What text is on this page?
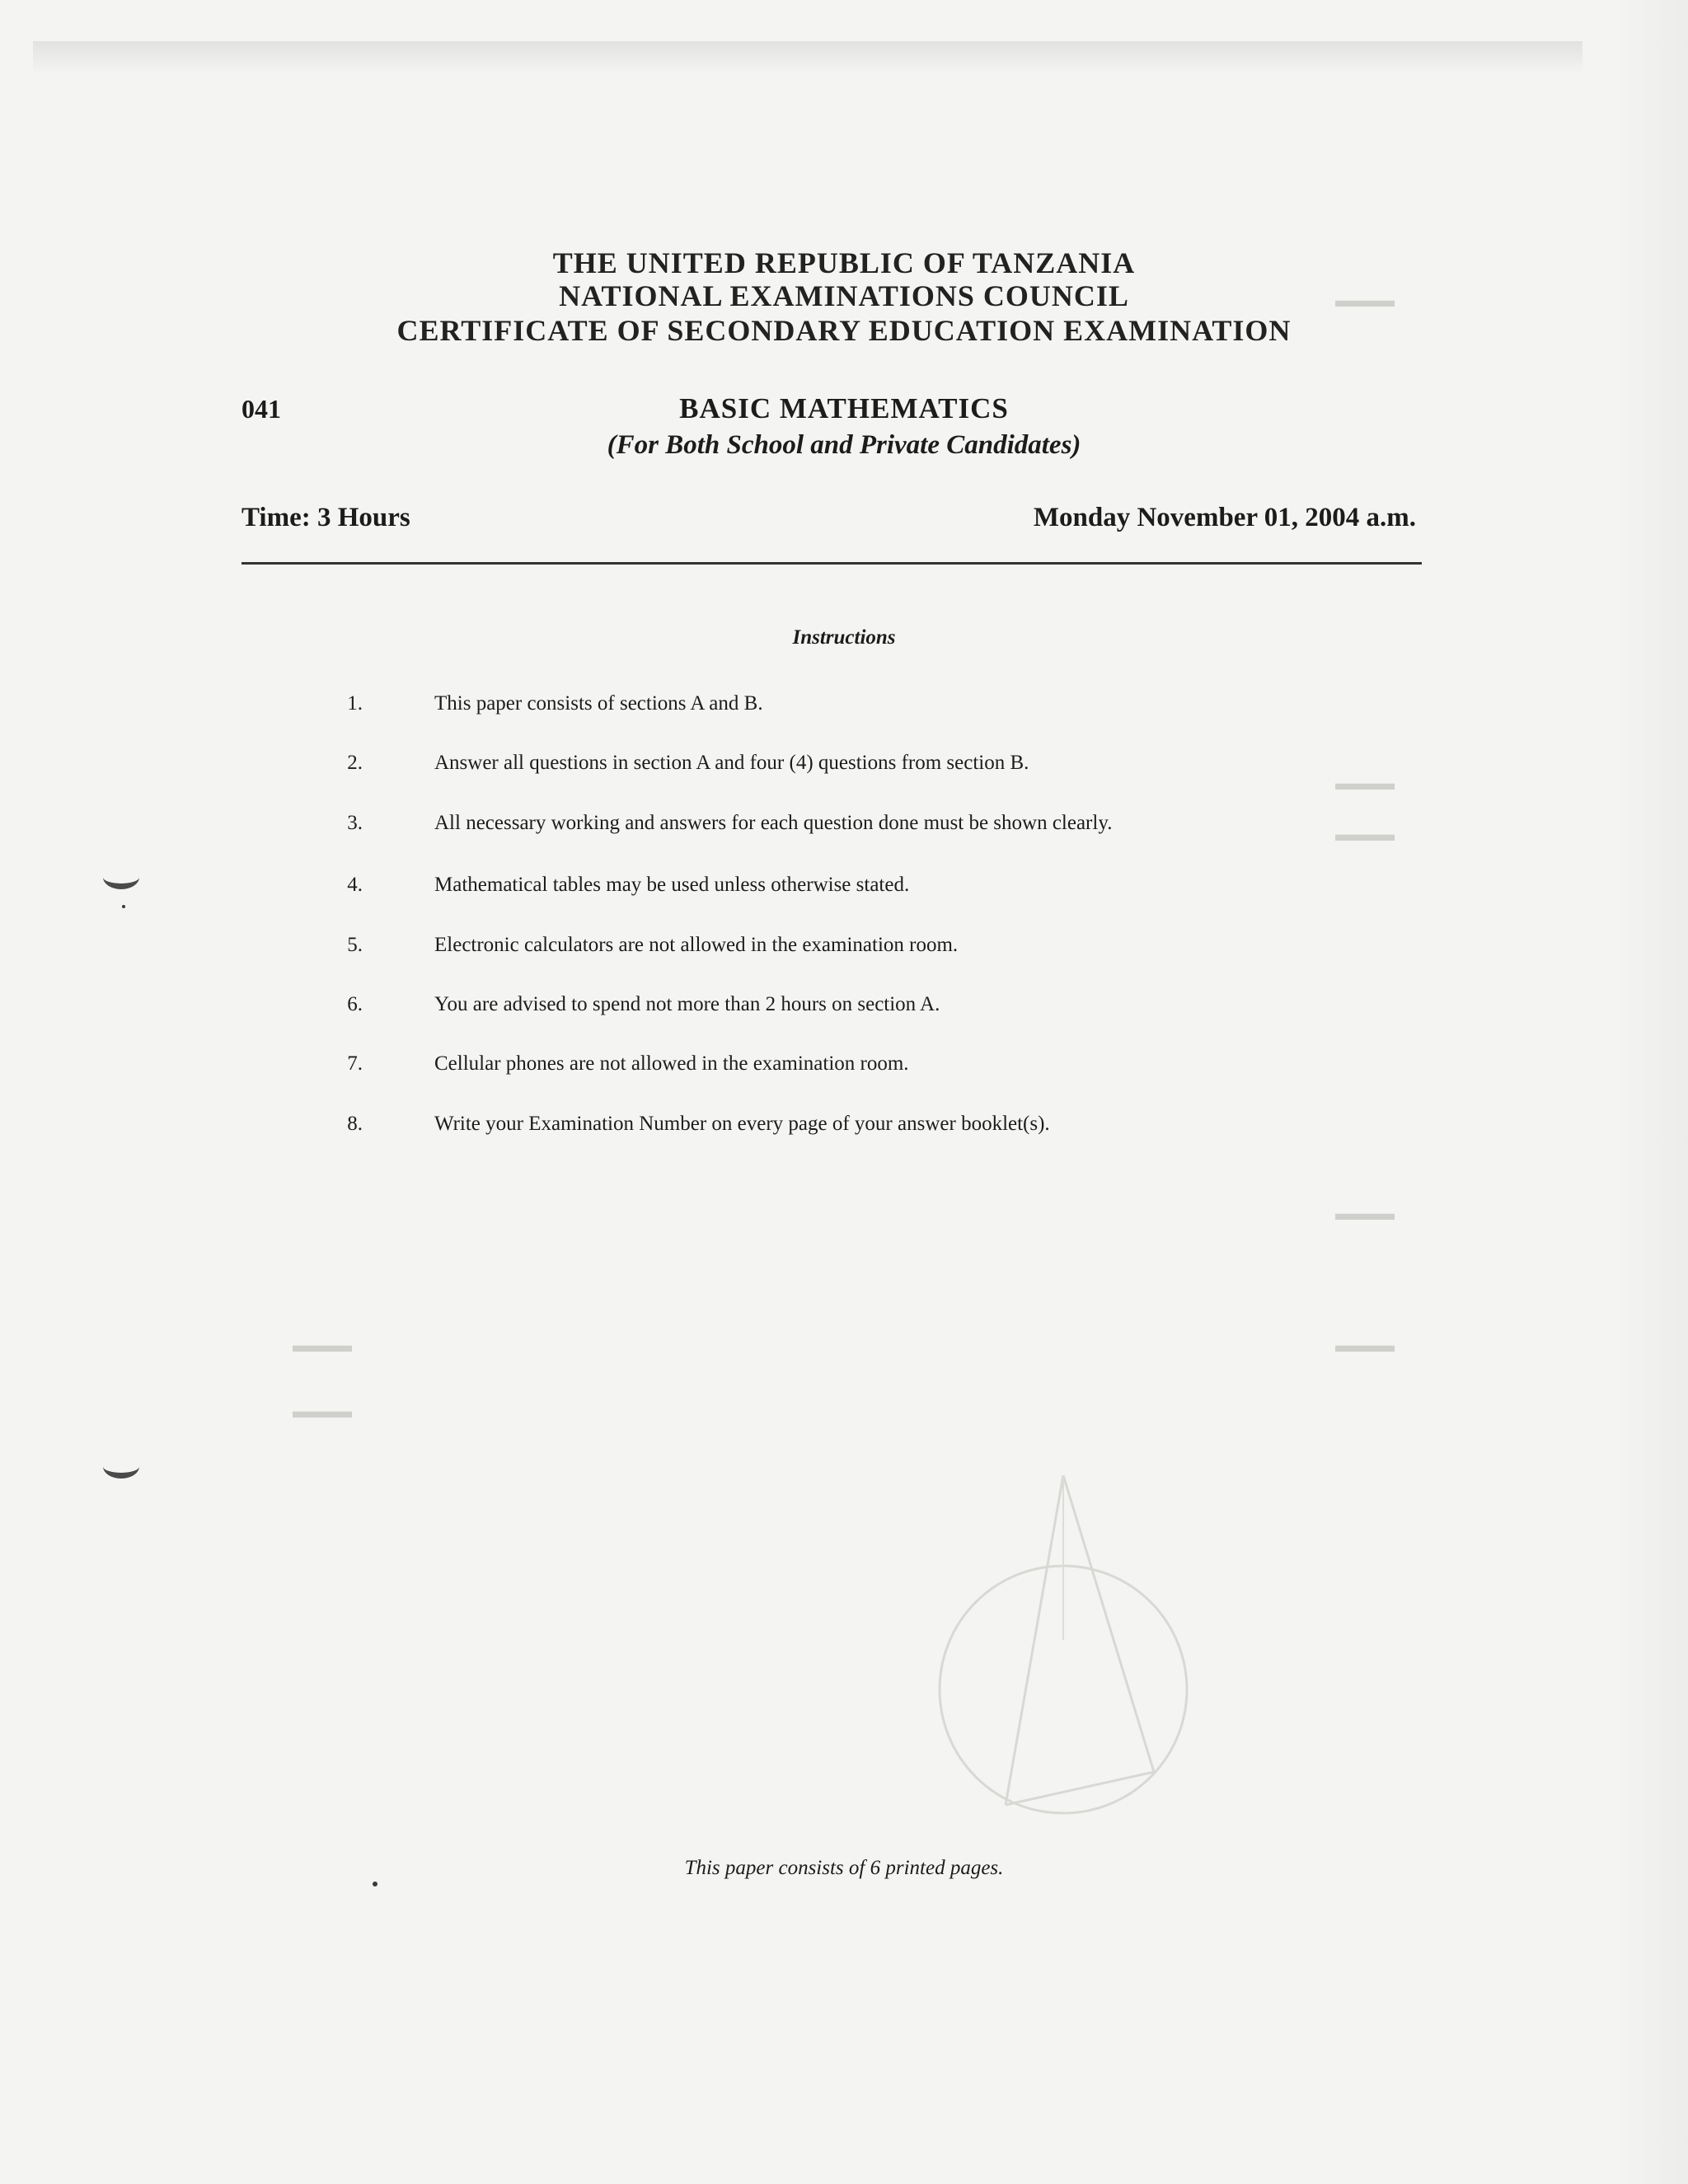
▬▬▬
▬▬▬
▬▬▬
▬▬▬
▬▬▬
▬▬▬
▬▬▬
THE UNITED REPUBLIC OF TANZANIA
NATIONAL EXAMINATIONS COUNCIL
CERTIFICATE OF SECONDARY EDUCATION EXAMINATION
041	BASIC MATHEMATICS
(For Both School and Private Candidates)
Time: 3 Hours	Monday November 01, 2004 a.m.
Instructions
1.	This paper consists of sections A and B.
2.	Answer all questions in section A and four (4) questions from section B.
3.	All necessary working and answers for each question done must be shown clearly.
4.	Mathematical tables may be used unless otherwise stated.
5.	Electronic calculators are not allowed in the examination room.
6.	You are advised to spend not more than 2 hours on section A.
7.	Cellular phones are not allowed in the examination room.
8.	Write your Examination Number on every page of your answer booklet(s).
This paper consists of 6 printed pages.
